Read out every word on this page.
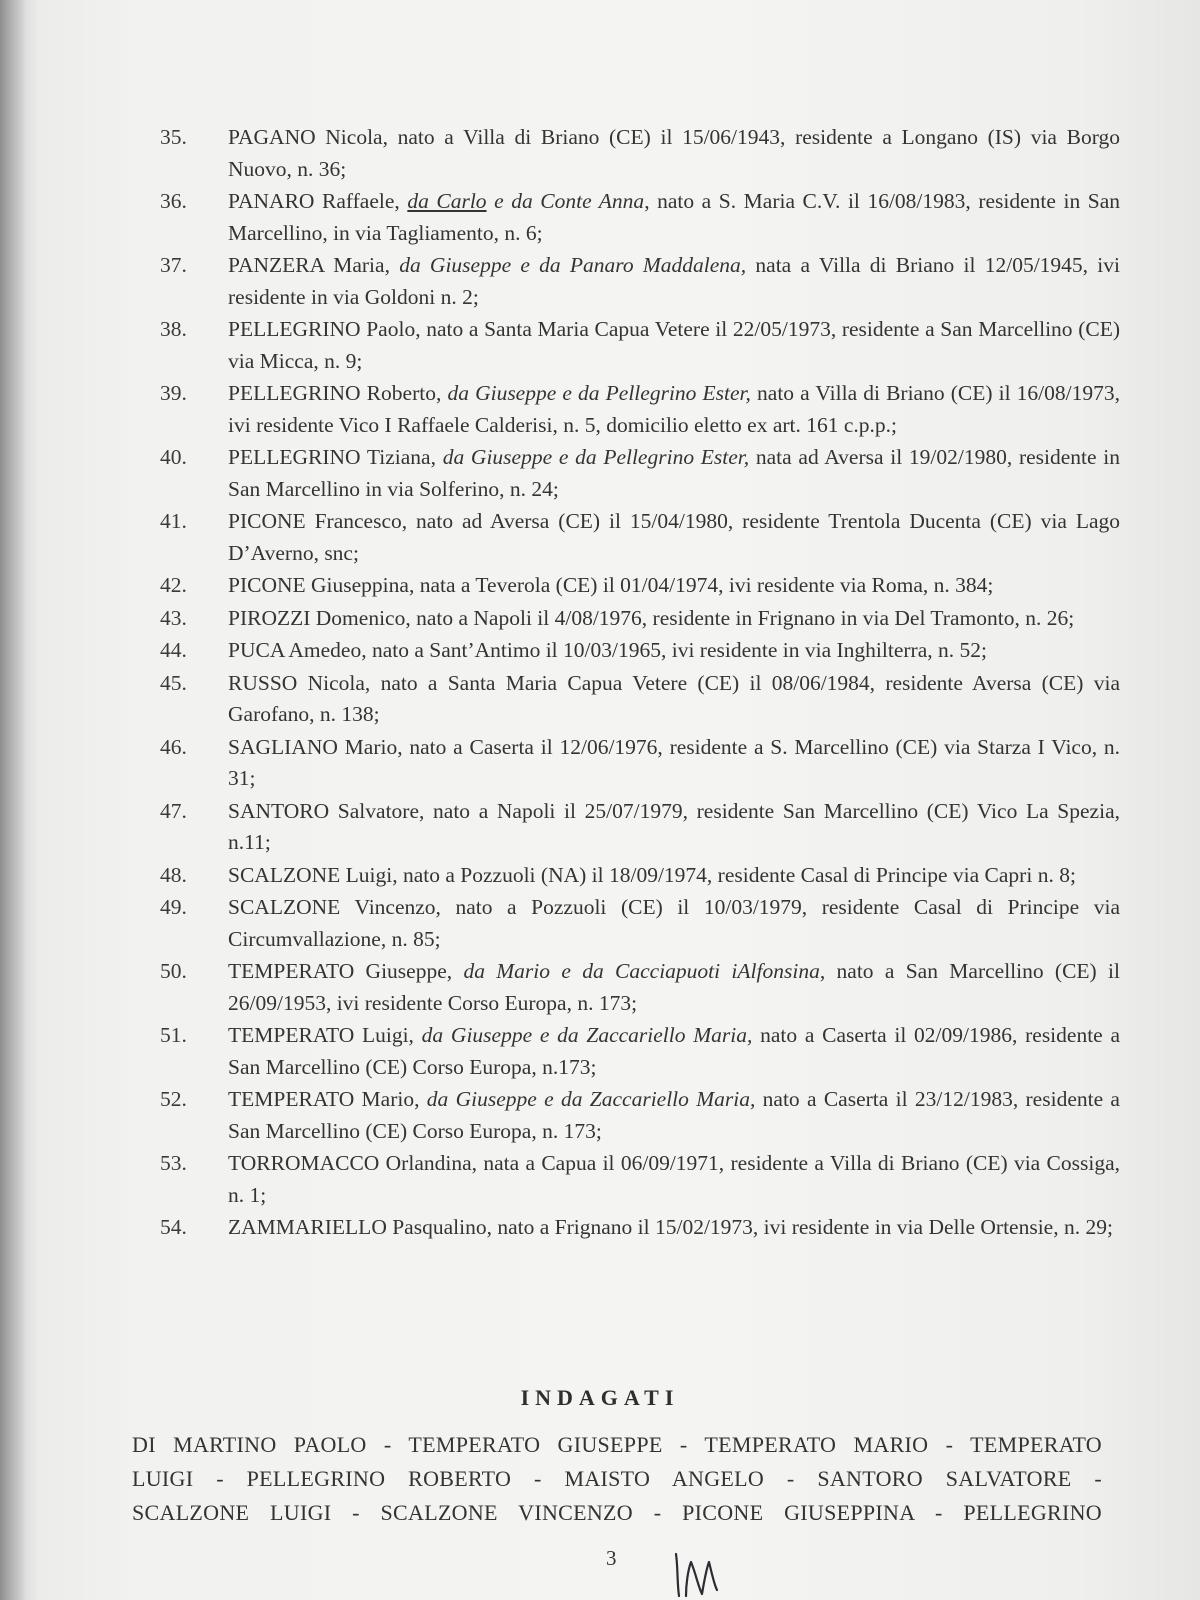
35.	PAGANO Nicola, nato a Villa di Briano (CE) il 15/06/1943, residente a Longano (IS) via Borgo Nuovo, n. 36;
36.	PANARO Raffaele, da Carlo e da Conte Anna, nato a S. Maria C.V. il 16/08/1983, residente in San Marcellino, in via Tagliamento, n. 6;
37.	PANZERA Maria, da Giuseppe e da Panaro Maddalena, nata a Villa di Briano il 12/05/1945, ivi residente in via Goldoni n. 2;
38.	PELLEGRINO Paolo, nato a Santa Maria Capua Vetere il 22/05/1973, residente a San Marcellino (CE) via Micca, n. 9;
39.	PELLEGRINO Roberto, da Giuseppe e da Pellegrino Ester, nato a Villa di Briano (CE) il 16/08/1973, ivi residente Vico I Raffaele Calderisi, n. 5, domicilio eletto ex art. 161 c.p.p.;
40.	PELLEGRINO Tiziana, da Giuseppe e da Pellegrino Ester, nata ad Aversa il 19/02/1980, residente in San Marcellino in via Solferino, n. 24;
41.	PICONE Francesco, nato ad Aversa (CE) il 15/04/1980, residente Trentola Ducenta (CE) via Lago D’Averno, snc;
42.	PICONE Giuseppina, nata a Teverola (CE) il 01/04/1974, ivi residente via Roma, n. 384;
43.	PIROZZI Domenico, nato a Napoli il 4/08/1976, residente in Frignano in via Del Tramonto, n. 26;
44.	PUCA Amedeo, nato a Sant’Antimo il 10/03/1965, ivi residente in via Inghilterra, n. 52;
45.	RUSSO Nicola, nato a Santa Maria Capua Vetere (CE) il 08/06/1984, residente Aversa (CE) via Garofano, n. 138;
46.	SAGLIANO Mario, nato a Caserta il 12/06/1976, residente a S. Marcellino (CE) via Starza I Vico, n. 31;
47.	SANTORO Salvatore, nato a Napoli il 25/07/1979, residente San Marcellino (CE) Vico La Spezia, n.11;
48.	SCALZONE Luigi, nato a Pozzuoli (NA) il 18/09/1974, residente Casal di Principe via Capri n. 8;
49.	SCALZONE Vincenzo, nato a Pozzuoli (CE) il 10/03/1979, residente Casal di Principe via Circumvallazione, n. 85;
50.	TEMPERATO Giuseppe, da Mario e da Cacciapuoti iAlfonsina, nato a San Marcellino (CE) il 26/09/1953, ivi residente Corso Europa, n. 173;
51.	TEMPERATO Luigi, da Giuseppe e da Zaccariello Maria, nato a Caserta il 02/09/1986, residente a San Marcellino (CE) Corso Europa, n.173;
52.	TEMPERATO Mario, da Giuseppe e da Zaccariello Maria, nato a Caserta il 23/12/1983, residente a San Marcellino (CE) Corso Europa, n. 173;
53.	TORROMACCO Orlandina, nata a Capua il 06/09/1971, residente a Villa di Briano (CE) via Cossiga, n. 1;
54.	ZAMMARIELLO Pasqualino, nato a Frignano il 15/02/1973, ivi residente in via Delle Ortensie, n. 29;
INDAGATI
DI MARTINO PAOLO - TEMPERATO GIUSEPPE - TEMPERATO MARIO - TEMPERATO
LUIGI - PELLEGRINO ROBERTO - MAISTO ANGELO - SANTORO SALVATORE -
SCALZONE LUIGI - SCALZONE VINCENZO - PICONE GIUSEPPINA - PELLEGRINO
3
